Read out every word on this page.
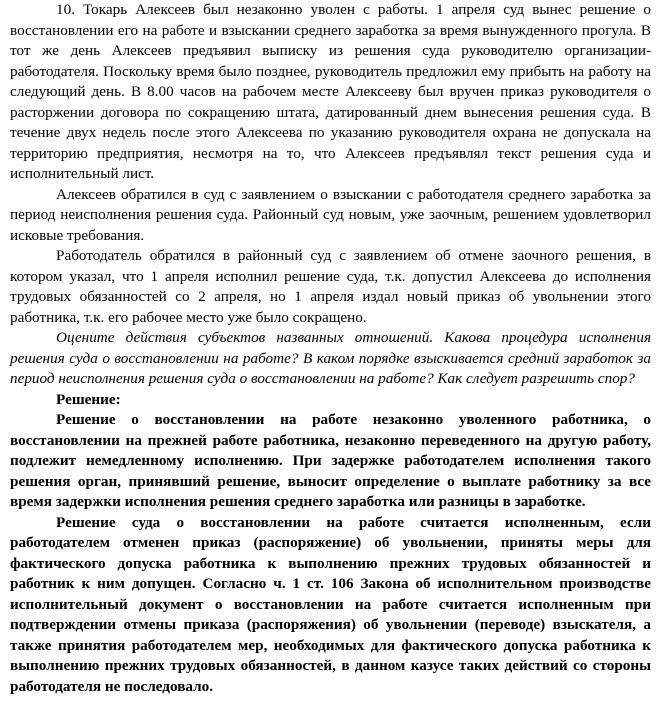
10. Токарь Алексеев был незаконно уволен с работы. 1 апреля суд вынес решение о восстановлении его на работе и взыскании среднего заработка за время вынужденного прогула. В тот же день Алексеев предъявил выписку из решения суда руководителю организации-работодателя. Поскольку время было позднее, руководитель предложил ему прибыть на работу на следующий день. В 8.00 часов на рабочем месте Алексееву был вручен приказ руководителя о расторжении договора по сокращению штата, датированный днем вынесения решения суда. В течение двух недель после этого Алексеева по указанию руководителя охрана не допускала на территорию предприятия, несмотря на то, что Алексеев предъявлял текст решения суда и исполнительный лист.

Алексеев обратился в суд с заявлением о взыскании с работодателя среднего заработка за период неисполнения решения суда. Районный суд новым, уже заочным, решением удовлетворил исковые требования.

Работодатель обратился в районный суд с заявлением об отмене заочного решения, в котором указал, что 1 апреля исполнил решение суда, т.к. допустил Алексеева до исполнения трудовых обязанностей со 2 апреля, но 1 апреля издал новый приказ об увольнении этого работника, т.к. его рабочее место уже было сокращено.

Оцените действия субъектов названных отношений. Какова процедура исполнения решения суда о восстановлении на работе? В каком порядке взыскивается средний заработок за период неисполнения решения суда о восстановлении на работе? Как следует разрешить спор?

Решение:

Решение о восстановлении на работе незаконно уволенного работника, о восстановлении на прежней работе работника, незаконно переведенного на другую работу, подлежит немедленному исполнению. При задержке работодателем исполнения такого решения орган, принявший решение, выносит определение о выплате работнику за все время задержки исполнения решения среднего заработка или разницы в заработке.

Решение суда о восстановлении на работе считается исполненным, если работодателем отменен приказ (распоряжение) об увольнении, приняты меры для фактического допуска работника к выполнению прежних трудовых обязанностей и работник к ним допущен. Согласно ч. 1 ст. 106 Закона об исполнительном производстве исполнительный документ о восстановлении на работе считается исполненным при подтверждении отмены приказа (распоряжения) об увольнении (переводе) взыскателя, а также принятия работодателем мер, необходимых для фактического допуска работника к выполнению прежних трудовых обязанностей, в данном казусе таких действий со стороны работодателя не последовало.
